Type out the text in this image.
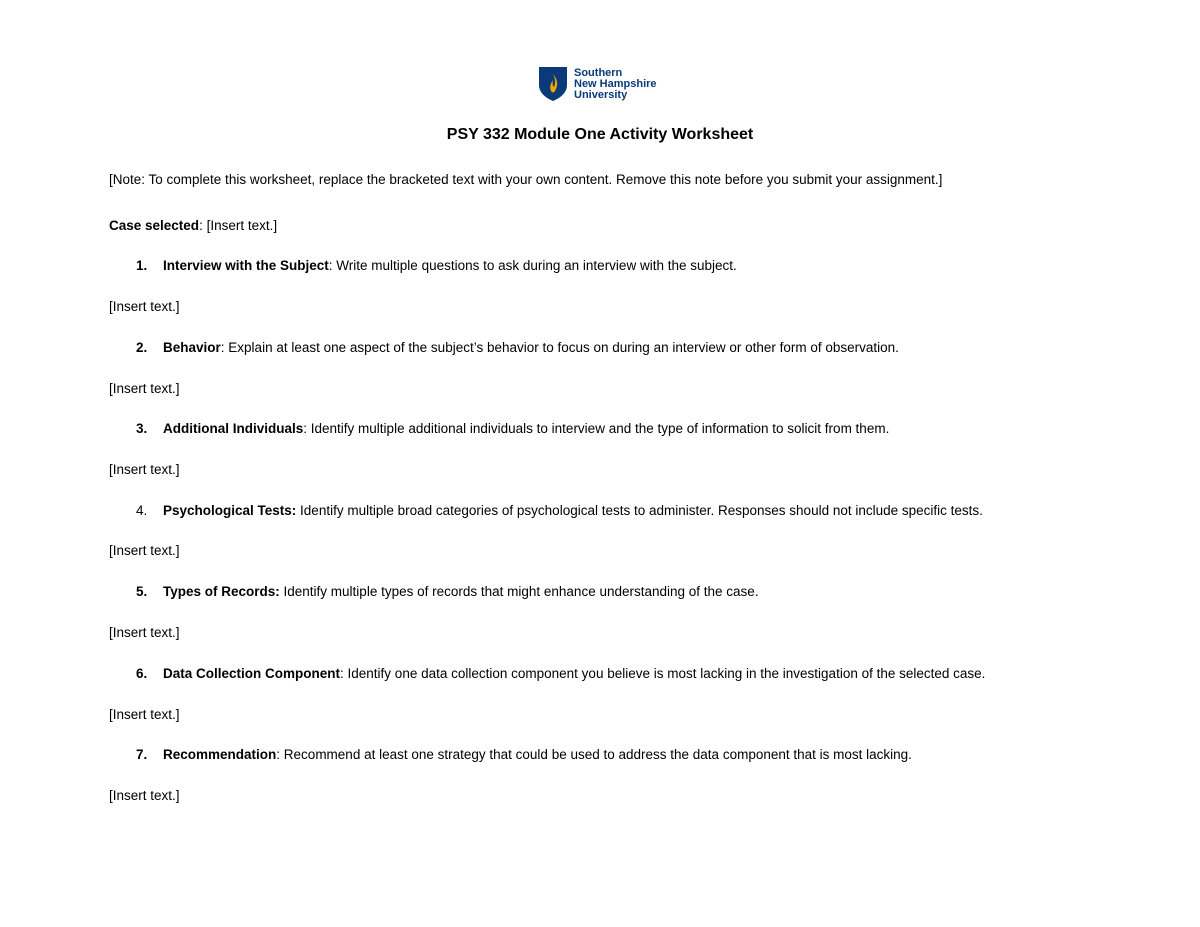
Southern
New Hampshire
University
PSY 332 Module One Activity Worksheet
[Note: To complete this worksheet, replace the bracketed text with your own content. Remove this note before you submit your assignment.]
Case selected: [Insert text.]
1. Interview with the Subject: Write multiple questions to ask during an interview with the subject.
[Insert text.]
2. Behavior: Explain at least one aspect of the subject’s behavior to focus on during an interview or other form of observation.
[Insert text.]
3. Additional Individuals: Identify multiple additional individuals to interview and the type of information to solicit from them.
[Insert text.]
4. Psychological Tests: Identify multiple broad categories of psychological tests to administer. Responses should not include specific tests.
[Insert text.]
5. Types of Records: Identify multiple types of records that might enhance understanding of the case.
[Insert text.]
6. Data Collection Component: Identify one data collection component you believe is most lacking in the investigation of the selected case.
[Insert text.]
7. Recommendation: Recommend at least one strategy that could be used to address the data component that is most lacking.
[Insert text.]
